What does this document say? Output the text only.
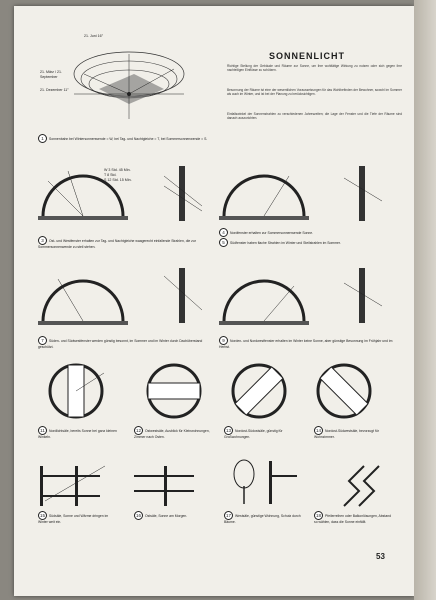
21. Juni 16°
21. März / 21. September
21. Dezember 11°
1 Sonnenbahn bei Wintersonnenwende = W, bei Tag- und Nachtgleiche = T, bei Sommersonnenwende = S.
SONNENLICHT
Richtige Stellung der Gebäude und Räume zur Sonne, um ihre wohltätige Wirkung zu nutzen oder sich gegen ihre nachteiligen Einflüsse zu schützen.
Besonnung der Räume ist eine der wesentlichen Voraussetzungen für das Wohlbefinden der Bewohner, sowohl im Sommer als auch im Winter, und ist bei der Planung zu berücksichtigen.
Einfallswinkel der Sonnenstrahlen zu verschiedenen Jahreszeiten; die Lage der Fenster und die Tiefe der Räume sind danach auszurichten.
W 3 Std. 45 Min.
T 8 Std.
S 12 Std. 15 Min.
3 Ost- und Westfenster erhalten zur Tag- und Nachtgleiche waagerecht einfallende Strahlen, die zur Sommersonnenwende zu steil stehen.
4 Nordfenster erhalten zur Sommersonnenwende Sonne.
5 Südfenster haben flache Strahlen im Winter und Steilstrahlen im Sommer.
7 Süden- und Südwestfenster werden günstig besonnt, im Sommer und im Winter durch Dachüberstand geschützt.
9 Norden- und Nordwestfenster erhalten im Winter keine Sonne, aber günstige Besonnung im Frühjahr und im Herbst.
11 Nordlichtsäle, bereits Sonne bei ganz kleinen Winkeln.
12 Ostwestsäle, Ausblick für Kleinwohnungen, Zimmer nach Osten.
13 Nordost-Südostsäle, günstig für Großwohnungen.
14 Nordost-Südwestsäle, bevorzugt für Wohnzimmer.
15 Südsäle, Sonne und Wärme dringen im Winter weit ein.
16 Ostsäle, Sonne am Morgen.	17 Westsäle, günstige Wohnung, Schutz durch Bäume.
18 Pfeilerreihen oder Balkonlösungen, Abstand so wählen, dass die Sonne einfällt.
53
